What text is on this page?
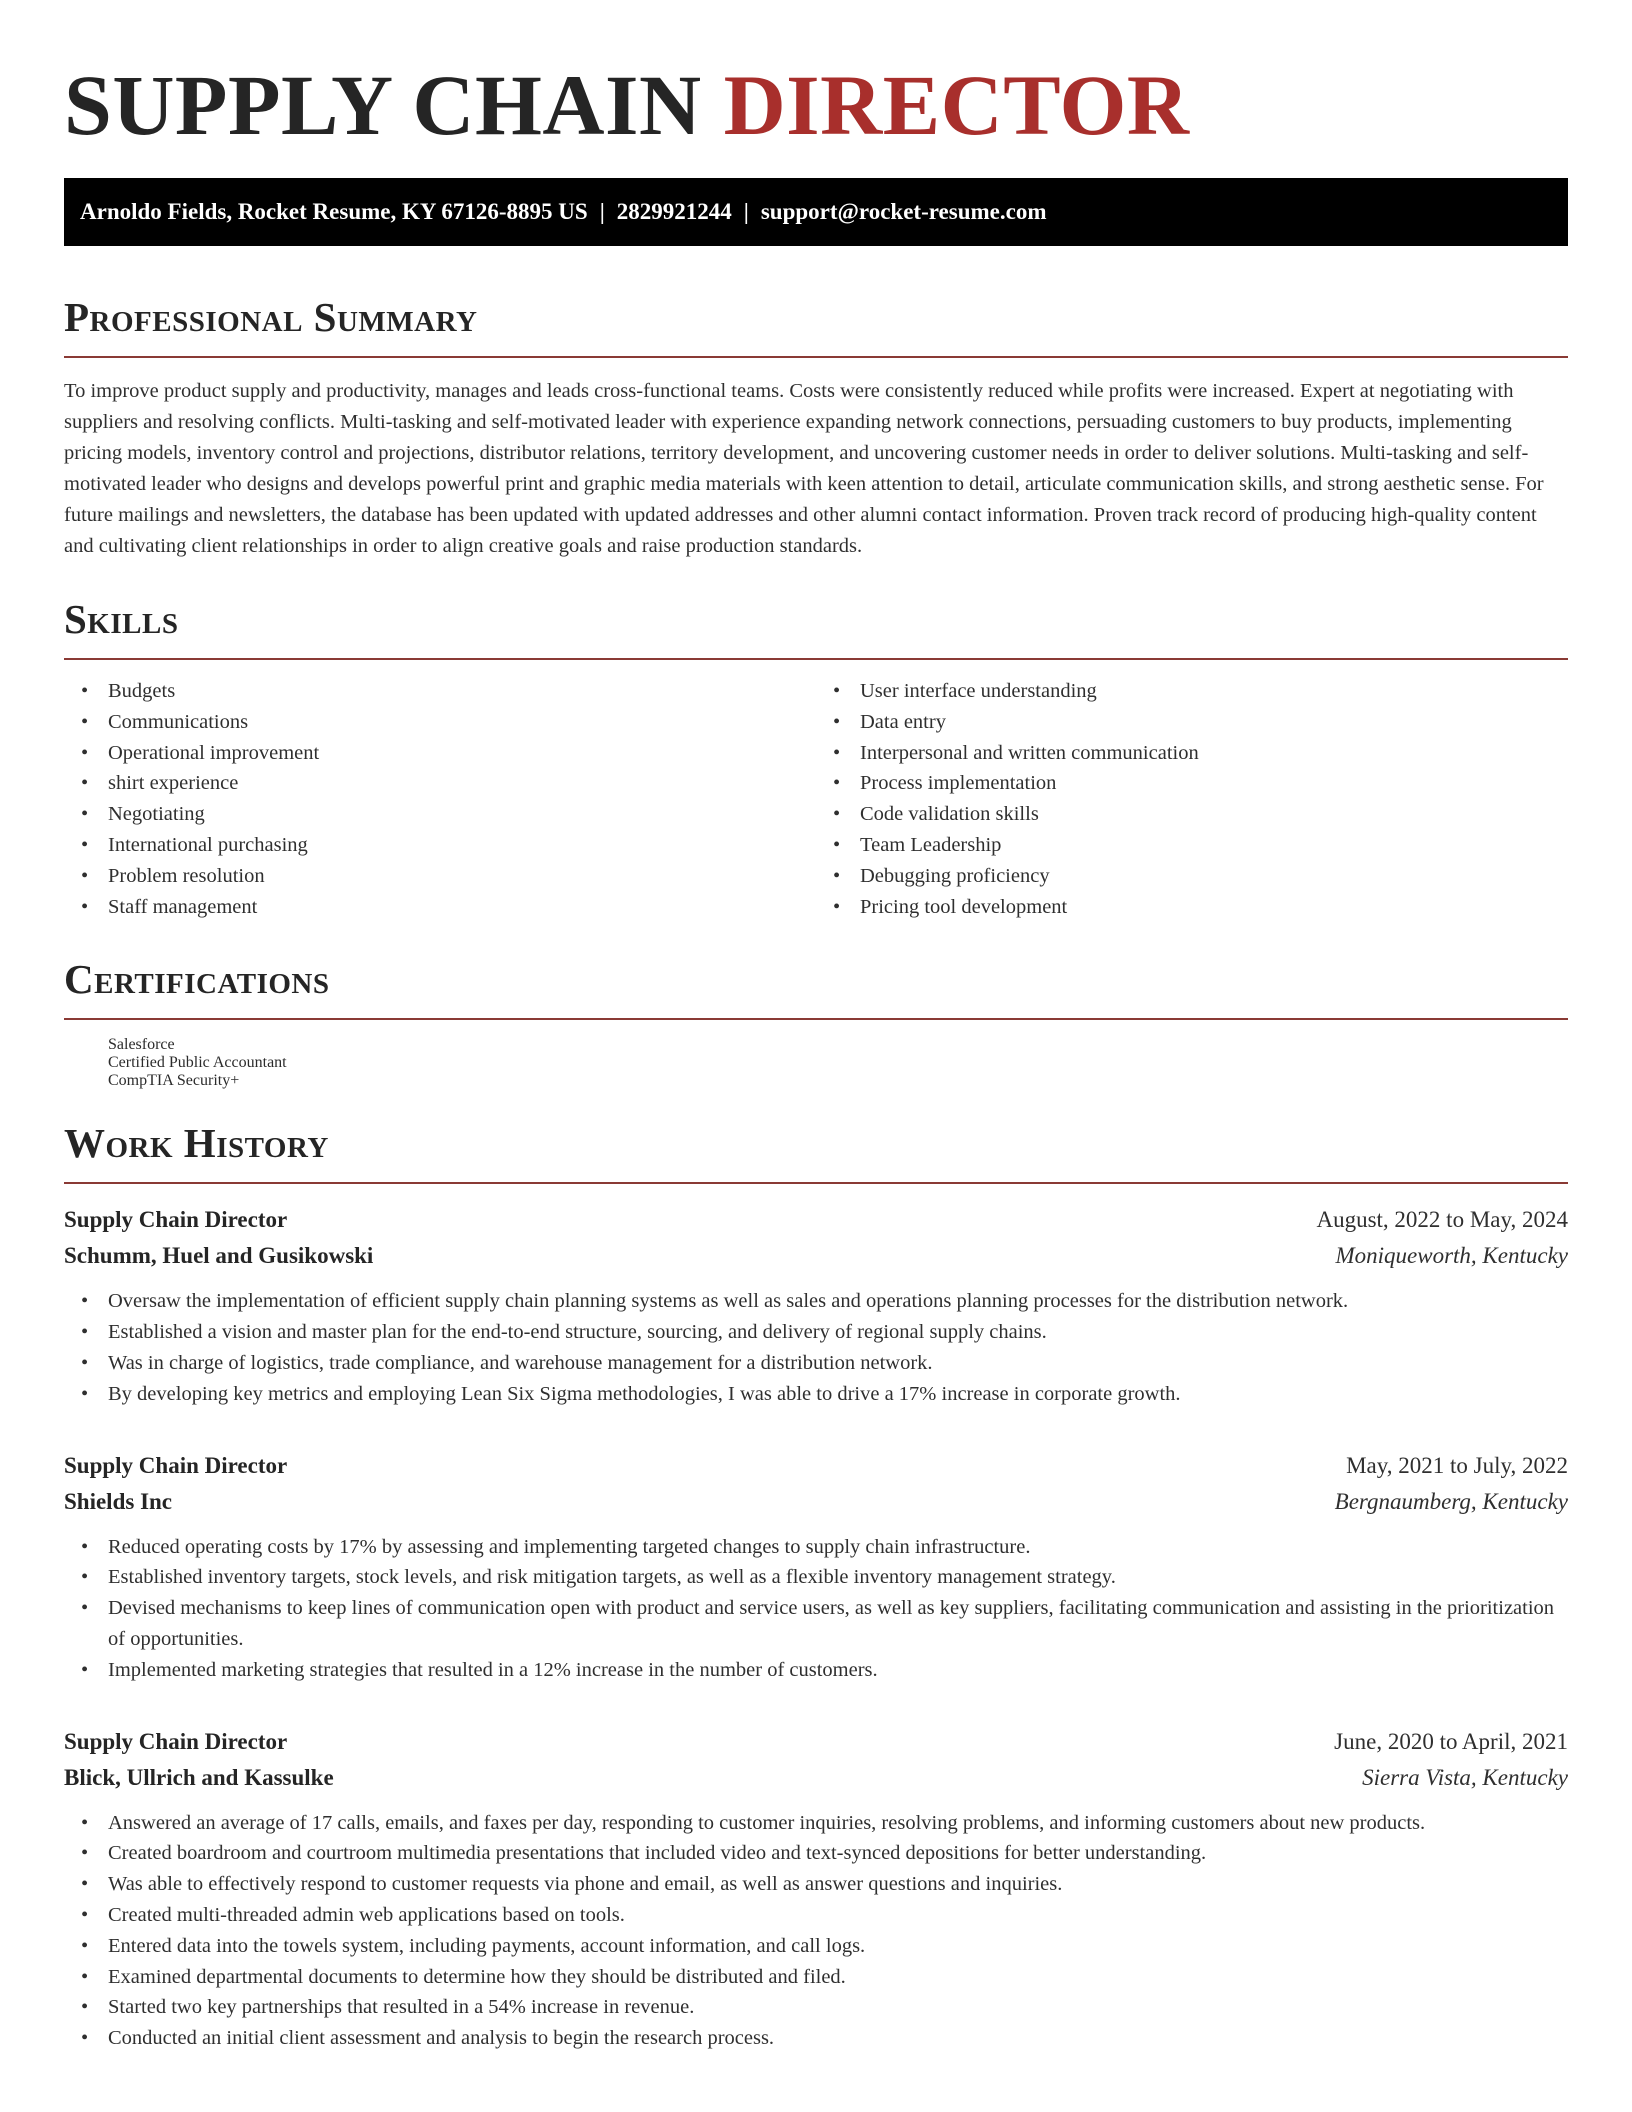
SUPPLY CHAIN DIRECTOR
Arnoldo Fields, Rocket Resume, KY 67126-8895 US | 2829921244 | support@rocket-resume.com
Professional Summary

To improve product supply and productivity, manages and leads cross-functional teams. Costs were consistently reduced while profits were increased. Expert at negotiating with suppliers and resolving conflicts. Multi-tasking and self-motivated leader with experience expanding network connections, persuading customers to buy products, implementing pricing models, inventory control and projections, distributor relations, territory development, and uncovering customer needs in order to deliver solutions. Multi-tasking and self-motivated leader who designs and develops powerful print and graphic media materials with keen attention to detail, articulate communication skills, and strong aesthetic sense. For future mailings and newsletters, the database has been updated with updated addresses and other alumni contact information. Proven track record of producing high-quality content and cultivating client relationships in order to align creative goals and raise production standards.

Skills
• Budgets
• Communications
• Operational improvement
• shirt experience
• Negotiating
• International purchasing
• Problem resolution
• Staff management
• User interface understanding
• Data entry
• Interpersonal and written communication
• Process implementation
• Code validation skills
• Team Leadership
• Debugging proficiency
• Pricing tool development
Certifications
Salesforce
Certified Public Accountant
CompTIA Security+
Work History
Supply Chain Director	August, 2022 to May, 2024
Schumm, Huel and Gusikowski	Moniqueworth, Kentucky
• Oversaw the implementation of efficient supply chain planning systems as well as sales and operations planning processes for the distribution network.
• Established a vision and master plan for the end-to-end structure, sourcing, and delivery of regional supply chains.
• Was in charge of logistics, trade compliance, and warehouse management for a distribution network.
• By developing key metrics and employing Lean Six Sigma methodologies, I was able to drive a 17% increase in corporate growth.
Supply Chain Director	May, 2021 to July, 2022
Shields Inc	Bergnaumberg, Kentucky
• Reduced operating costs by 17% by assessing and implementing targeted changes to supply chain infrastructure.
• Established inventory targets, stock levels, and risk mitigation targets, as well as a flexible inventory management strategy.
• Devised mechanisms to keep lines of communication open with product and service users, as well as key suppliers, facilitating communication and assisting in the prioritization of opportunities.
• Implemented marketing strategies that resulted in a 12% increase in the number of customers.
Supply Chain Director	June, 2020 to April, 2021
Blick, Ullrich and Kassulke	Sierra Vista, Kentucky
• Answered an average of 17 calls, emails, and faxes per day, responding to customer inquiries, resolving problems, and informing customers about new products.
• Created boardroom and courtroom multimedia presentations that included video and text-synced depositions for better understanding.
• Was able to effectively respond to customer requests via phone and email, as well as answer questions and inquiries.
• Created multi-threaded admin web applications based on tools.
• Entered data into the towels system, including payments, account information, and call logs.
• Examined departmental documents to determine how they should be distributed and filed.
• Started two key partnerships that resulted in a 54% increase in revenue.
• Conducted an initial client assessment and analysis to begin the research process.
